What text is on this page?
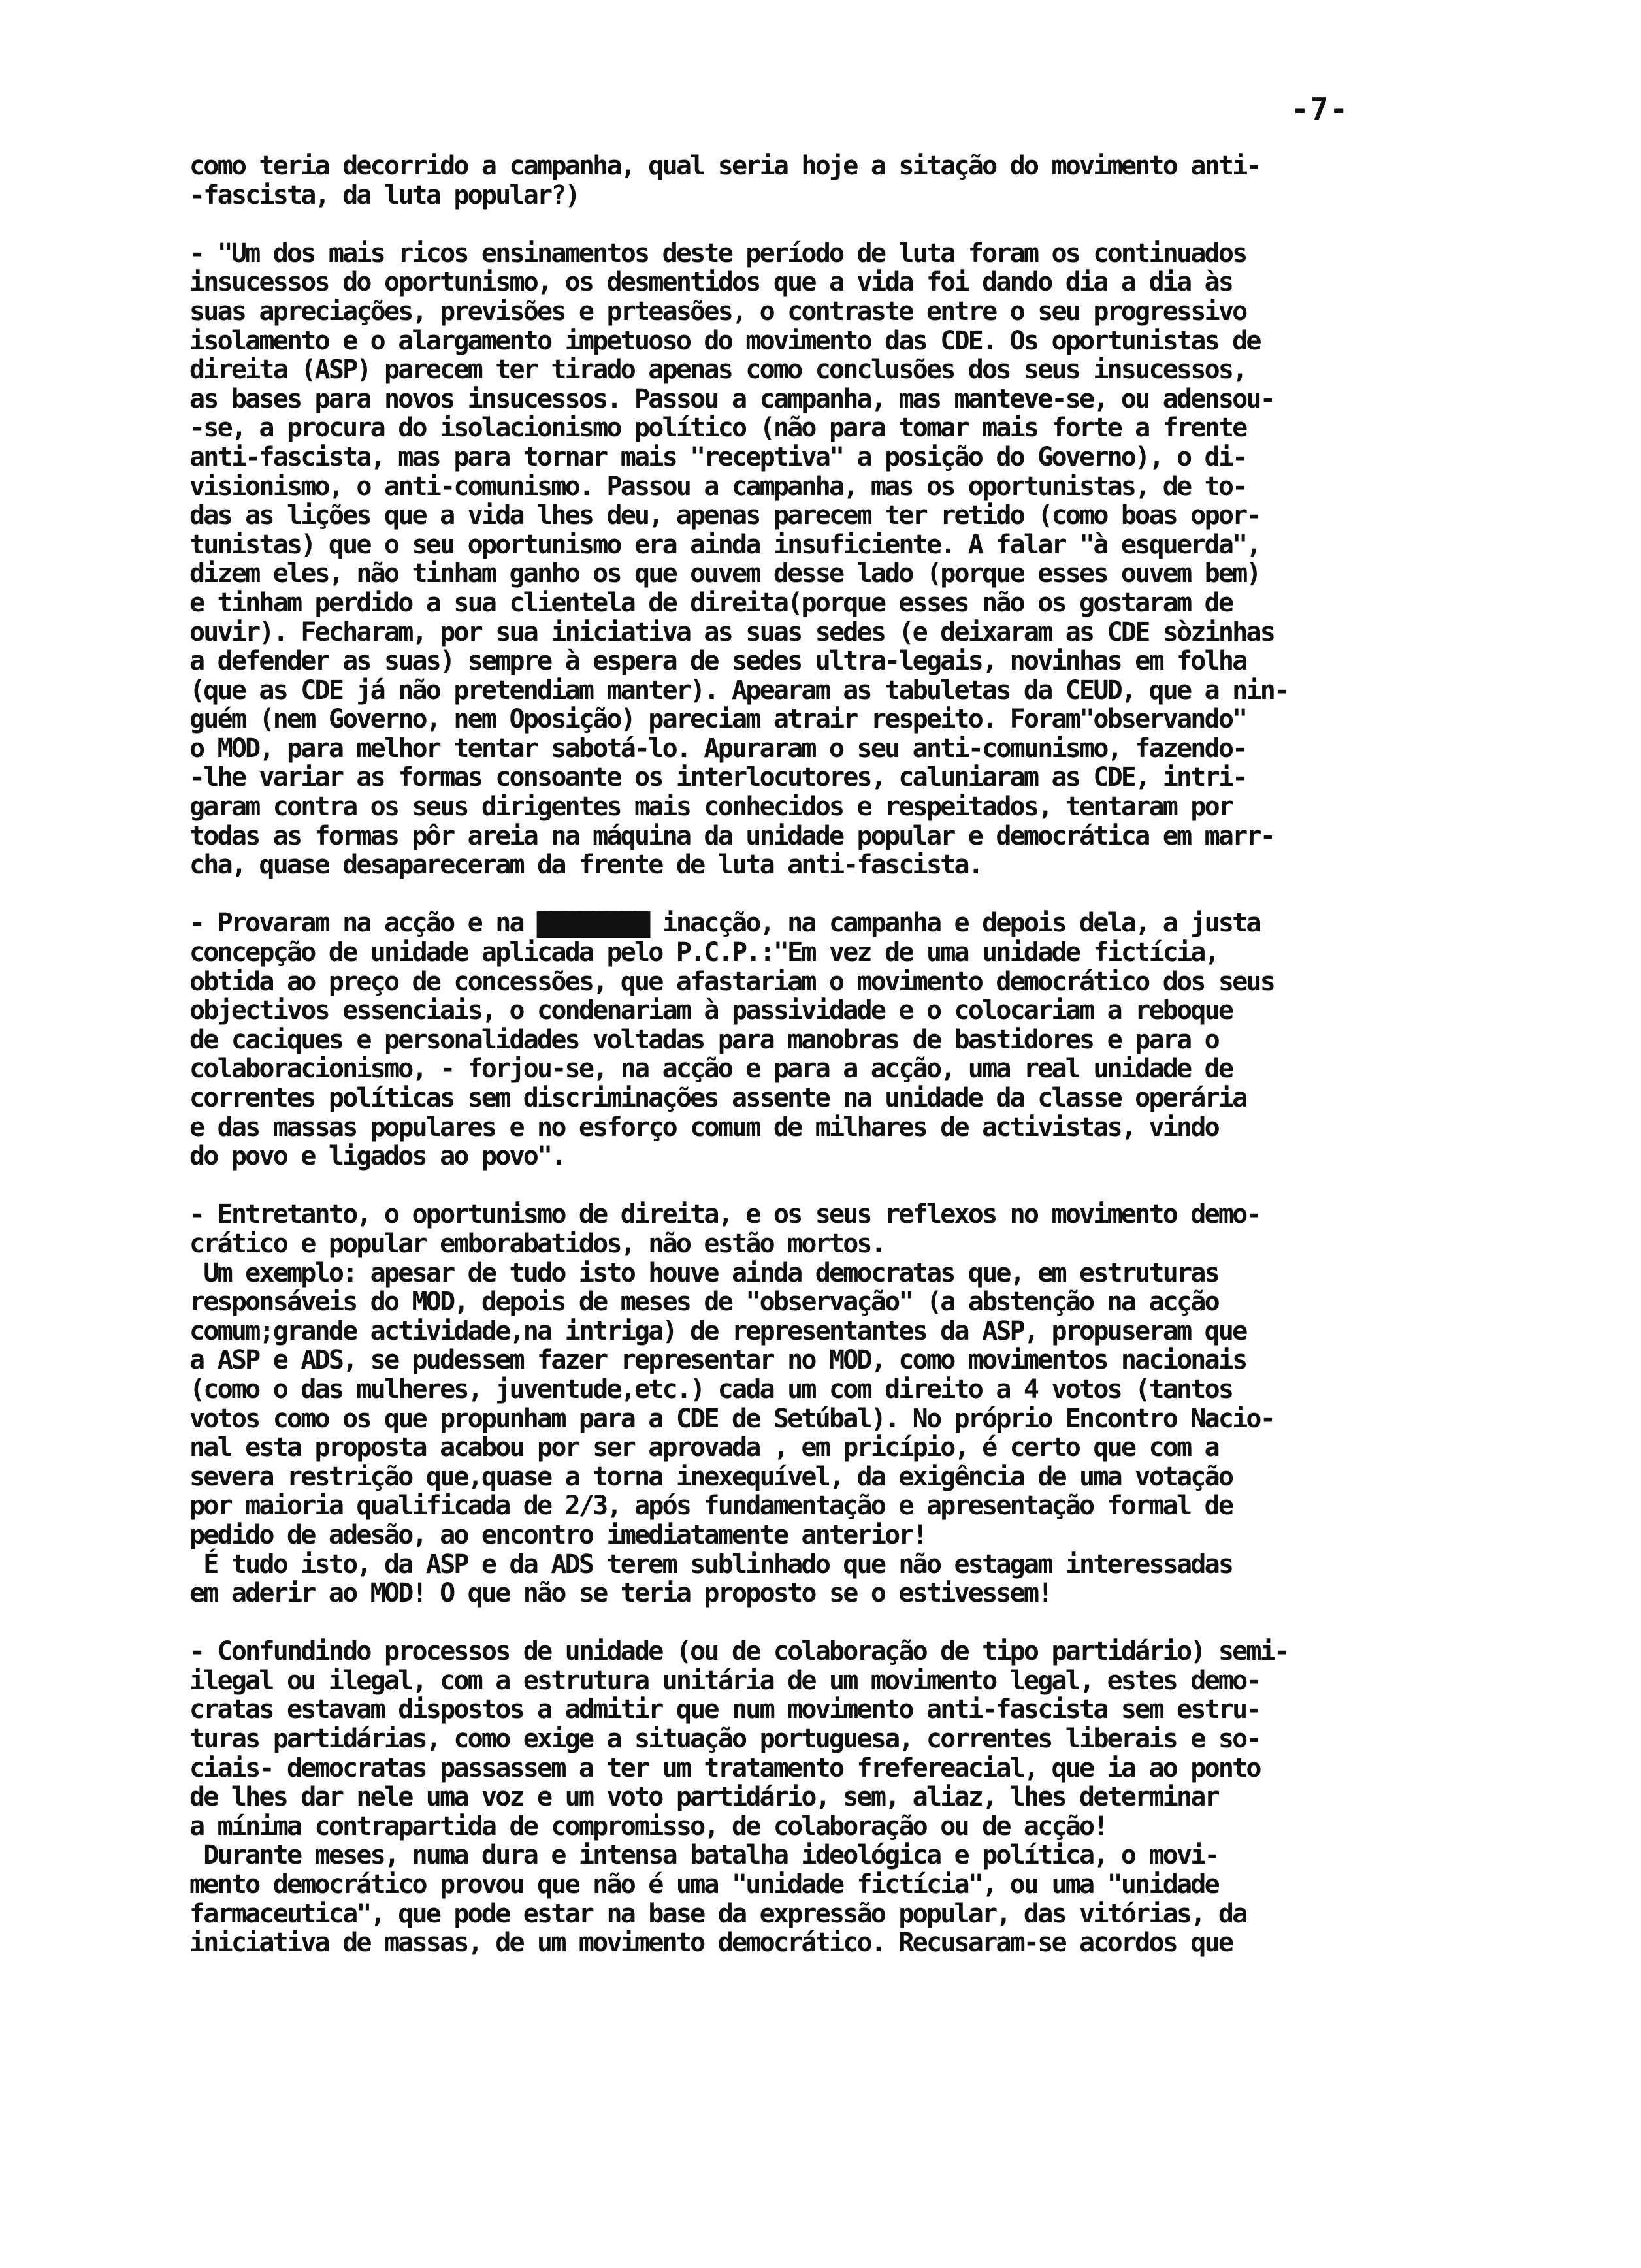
-7-
como teria decorrido a campanha, qual seria hoje a sitação do movimento anti-
-fascista, da luta popular?)
- "Um dos mais ricos ensinamentos deste período de luta foram os continuados
insucessos do oportunismo, os desmentidos que a vida foi dando dia a dia às
suas apreciações, previsões e prteasões, o contraste entre o seu progressivo
isolamento e o alargamento impetuoso do movimento das CDE. Os oportunistas de
direita (ASP) parecem ter tirado apenas como conclusões dos seus insucessos,
as bases para novos insucessos. Passou a campanha, mas manteve-se, ou adensou-
-se, a procura do isolacionismo político (não para tomar mais forte a frente
anti-fascista, mas para tornar mais "receptiva" a posição do Governo), o di-
visionismo, o anti-comunismo. Passou a campanha, mas os oportunistas, de to-
das as lições que a vida lhes deu, apenas parecem ter retido (como boas opor-
tunistas) que o seu oportunismo era ainda insuficiente. A falar "à esquerda",
dizem eles, não tinham ganho os que ouvem desse lado (porque esses ouvem bem)
e tinham perdido a sua clientela de direita(porque esses não os gostaram de
ouvir). Fecharam, por sua iniciativa as suas sedes (e deixaram as CDE sòzinhas
a defender as suas) sempre à espera de sedes ultra-legais, novinhas em folha
(que as CDE já não pretendiam manter). Apearam as tabuletas da CEUD, que a nin-
guém (nem Governo, nem Oposição) pareciam atrair respeito. Foram"observando"
o MOD, para melhor tentar sabotá-lo. Apuraram o seu anti-comunismo, fazendo-
-lhe variar as formas consoante os interlocutores, caluniaram as CDE, intri-
garam contra os seus dirigentes mais conhecidos e respeitados, tentaram por
todas as formas pôr areia na máquina da unidade popular e democrática em marr-
cha, quase desapareceram da frente de luta anti-fascista.
- Provaram na acção e na ▇▇▇▇▇▇▇▇ inacção, na campanha e depois dela, a justa
concepção de unidade aplicada pelo P.C.P.:"Em vez de uma unidade fictícia,
obtida ao preço de concessões, que afastariam o movimento democrático dos seus
objectivos essenciais, o condenariam à passividade e o colocariam a reboque
de caciques e personalidades voltadas para manobras de bastidores e para o
colaboracionismo, - forjou-se, na acção e para a acção, uma real unidade de
correntes políticas sem discriminações assente na unidade da classe operária
e das massas populares e no esforço comum de milhares de activistas, vindo
do povo e ligados ao povo".
- Entretanto, o oportunismo de direita, e os seus reflexos no movimento demo-
crático e popular emborabatidos, não estão mortos.
Um exemplo: apesar de tudo isto houve ainda democratas que, em estruturas
responsáveis do MOD, depois de meses de "observação" (a abstenção na acção
comum;grande actividade,na intriga) de representantes da ASP, propuseram que
a ASP e ADS, se pudessem fazer representar no MOD, como movimentos nacionais
(como o das mulheres, juventude,etc.) cada um com direito a 4 votos (tantos
votos como os que propunham para a CDE de Setúbal). No próprio Encontro Nacio-
nal esta proposta acabou por ser aprovada , em pricípio, é certo que com a
severa restrição que,quase a torna inexequível, da exigência de uma votação
por maioria qualificada de 2/3, após fundamentação e apresentação formal de
pedido de adesão, ao encontro imediatamente anterior!
É tudo isto, da ASP e da ADS terem sublinhado que não estagam interessadas
em aderir ao MOD! O que não se teria proposto se o estivessem!
- Confundindo processos de unidade (ou de colaboração de tipo partidário) semi-
ilegal ou ilegal, com a estrutura unitária de um movimento legal, estes demo-
cratas estavam dispostos a admitir que num movimento anti-fascista sem estru-
turas partidárias, como exige a situação portuguesa, correntes liberais e so-
ciais- democratas passassem a ter um tratamento frefereacial, que ia ao ponto
de lhes dar nele uma voz e um voto partidário, sem, aliaz, lhes determinar
a mínima contrapartida de compromisso, de colaboração ou de acção!
Durante meses, numa dura e intensa batalha ideológica e política, o movi-
mento democrático provou que não é uma "unidade fictícia", ou uma "unidade
farmaceutica", que pode estar na base da expressão popular, das vitórias, da
iniciativa de massas, de um movimento democrático. Recusaram-se acordos que
